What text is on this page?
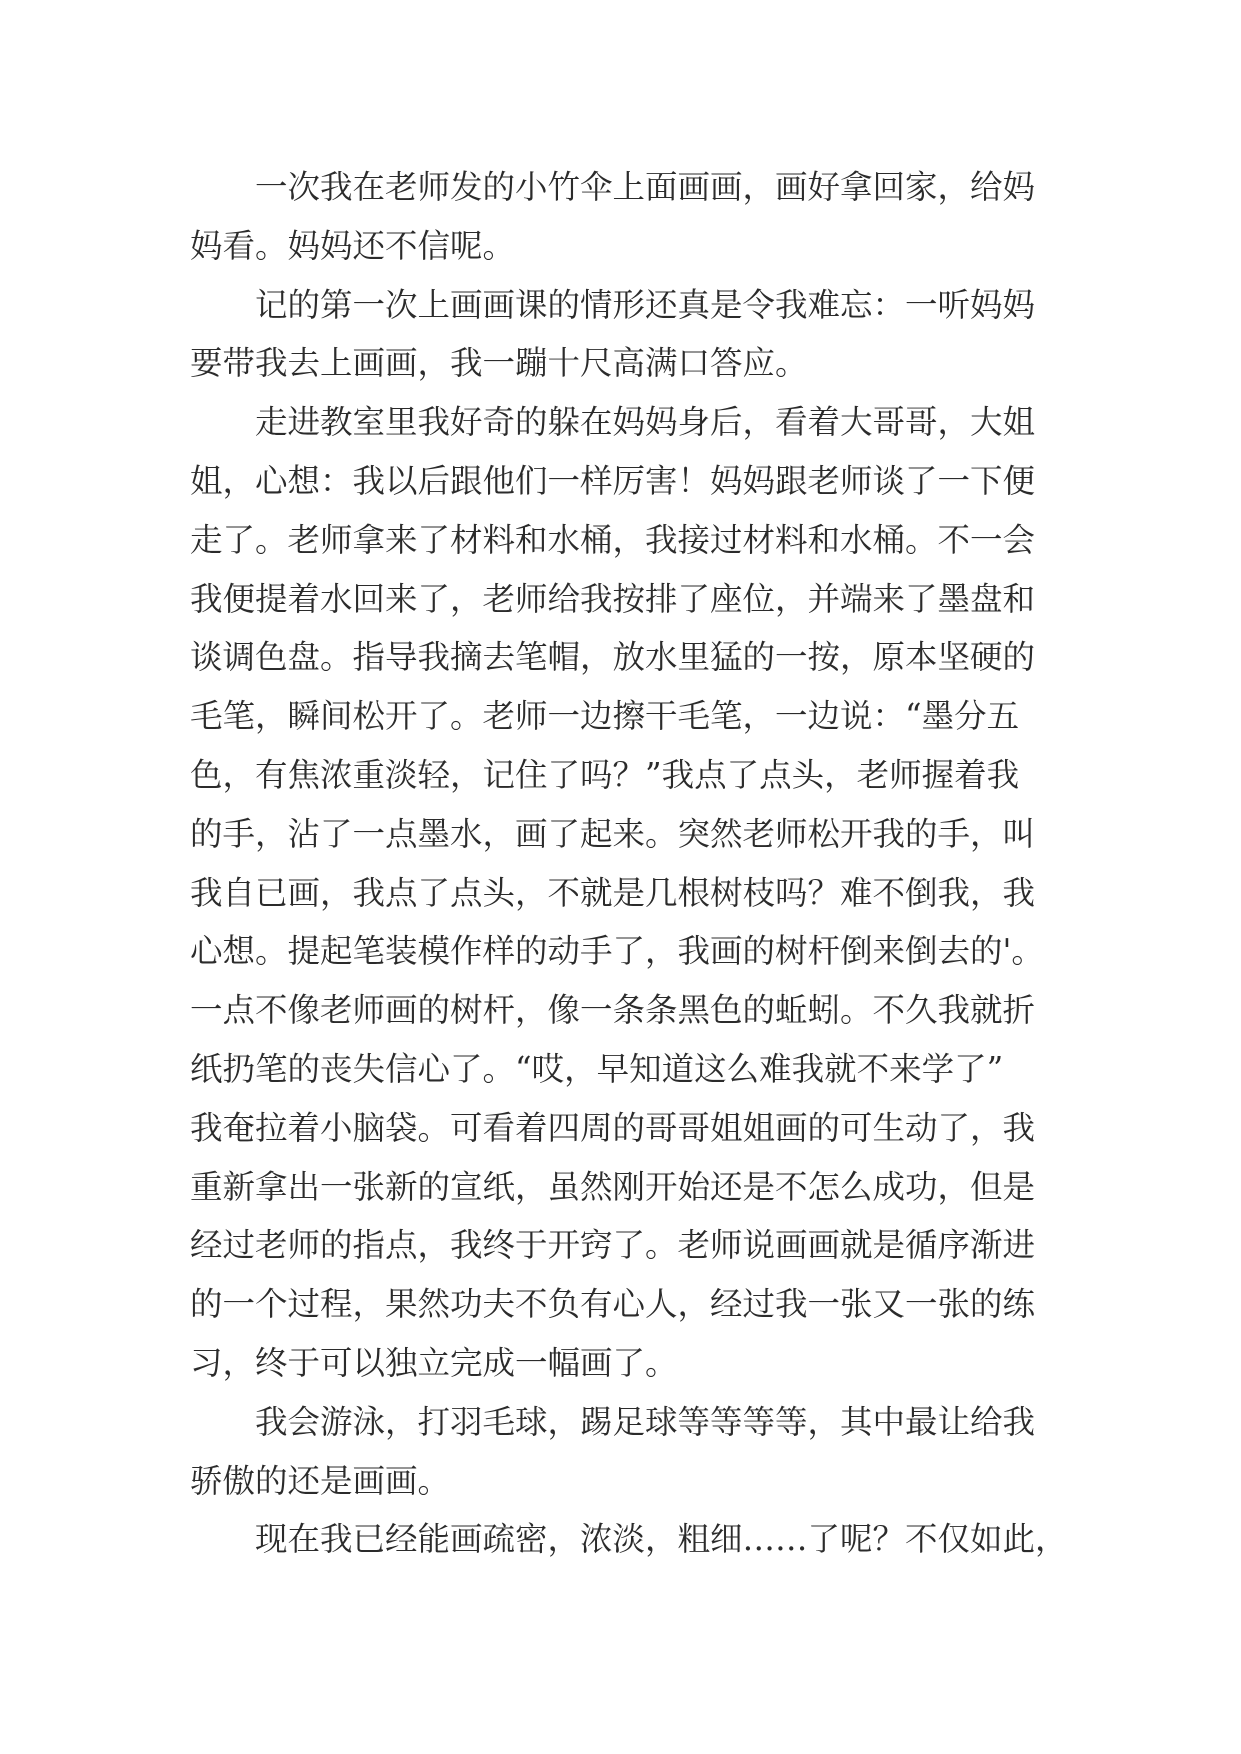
一次我在老师发的小竹伞上面画画，画好拿回家，给妈
妈看。妈妈还不信呢。
记的第一次上画画课的情形还真是令我难忘：一听妈妈
要带我去上画画，我一蹦十尺高满口答应。
走进教室里我好奇的躲在妈妈身后，看着大哥哥，大姐
姐，心想：我以后跟他们一样厉害！妈妈跟老师谈了一下便
走了。老师拿来了材料和水桶，我接过材料和水桶。不一会
我便提着水回来了，老师给我按排了座位，并端来了墨盘和
谈调色盘。指导我摘去笔帽，放水里猛的一按，原本坚硬的
毛笔，瞬间松开了。老师一边擦干毛笔，一边说：“墨分五
色，有焦浓重淡轻，记住了吗？”我点了点头，老师握着我
的手，沾了一点墨水，画了起来。突然老师松开我的手，叫
我自已画，我点了点头，不就是几根树枝吗？难不倒我，我
心想。提起笔装模作样的动手了，我画的树杆倒来倒去的'。
一点不像老师画的树杆，像一条条黑色的蚯蚓。不久我就折
纸扔笔的丧失信心了。“哎，早知道这么难我就不来学了”
我奄拉着小脑袋。可看着四周的哥哥姐姐画的可生动了，我
重新拿出一张新的宣纸，虽然刚开始还是不怎么成功，但是
经过老师的指点，我终于开窍了。老师说画画就是循序渐进
的一个过程，果然功夫不负有心人，经过我一张又一张的练
习，终于可以独立完成一幅画了。
我会游泳，打羽毛球，踢足球等等等等，其中最让给我
骄傲的还是画画。
现在我已经能画疏密，浓淡，粗细……了呢？不仅如此，
